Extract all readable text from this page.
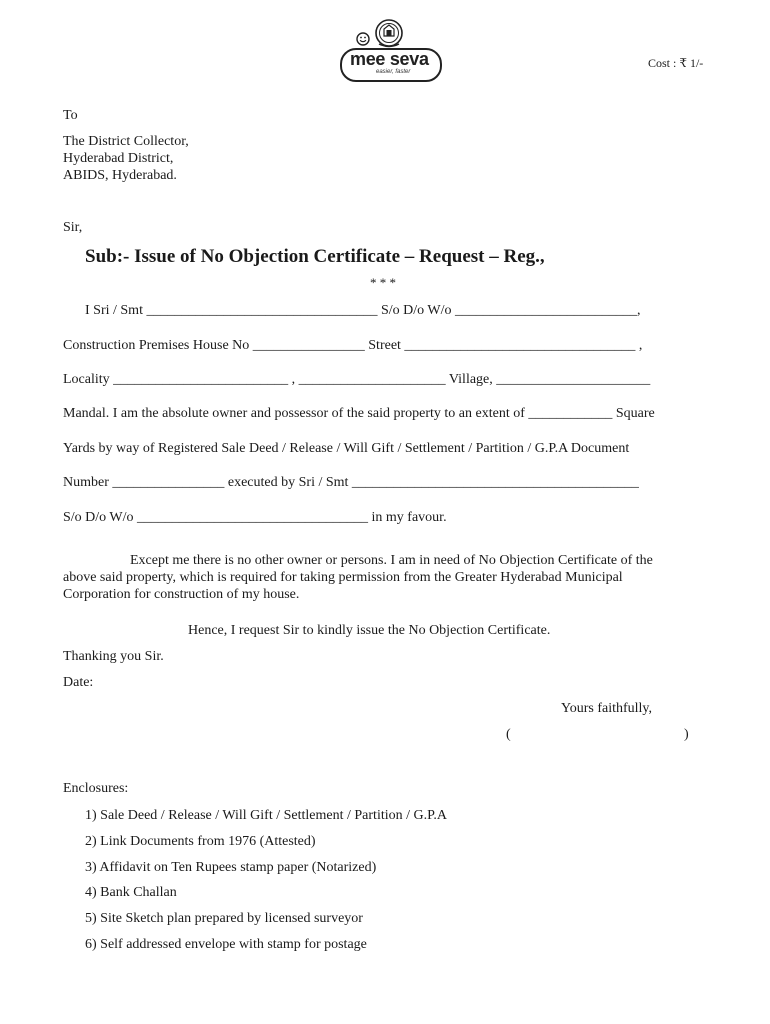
mee seva
easier, faster
Cost : ₹ 1/-
To
The District Collector,
Hyderabad District,
ABIDS, Hyderabad.
Sir,
Sub:- Issue of No Objection Certificate – Request – Reg.,
* * *
I Sri / Smt _________________________________ S/o D/o W/o __________________________,
Construction Premises House No ________________ Street _________________________________ ,
Locality _________________________ , _____________________ Village, ______________________
Mandal. I am the absolute owner and possessor of the said property to an extent of ____________ Square
Yards by way of Registered Sale Deed / Release / Will Gift / Settlement / Partition / G.P.A Document
Number ________________ executed by Sri / Smt _________________________________________
S/o D/o W/o _________________________________ in my favour.
Except me there is no other owner or persons. I am in need of No Objection Certificate of the
above said property, which is required for taking permission from the Greater Hyderabad Municipal
Corporation for construction of my house.
Hence, I request Sir to kindly issue the No Objection Certificate.
Thanking you Sir.
Date:
Yours faithfully,
(	)
Enclosures:
1) Sale Deed / Release / Will Gift / Settlement / Partition / G.P.A
2) Link Documents from 1976 (Attested)
3) Affidavit on Ten Rupees stamp paper (Notarized)
4) Bank Challan
5) Site Sketch plan prepared by licensed surveyor
6) Self addressed envelope with stamp for postage
